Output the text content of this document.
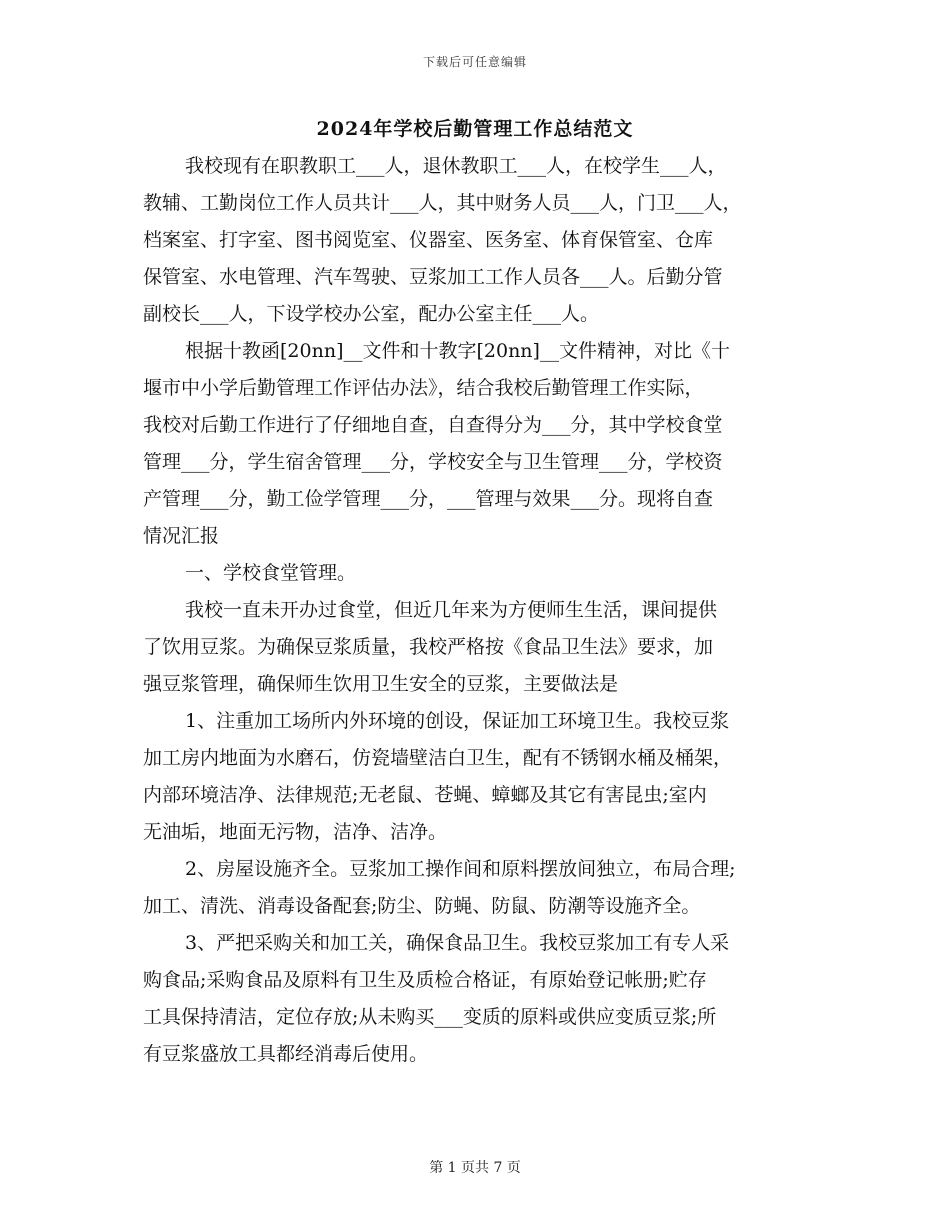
下载后可任意编辑
2024年学校后勤管理工作总结范文
我校现有在职教职工___人，退休教职工___人，在校学生___人，
教辅、工勤岗位工作人员共计___人，其中财务人员___人，门卫___人，
档案室、打字室、图书阅览室、仪器室、医务室、体育保管室、仓库
保管室、水电管理、汽车驾驶、豆浆加工工作人员各___人。后勤分管
副校长___人，下设学校办公室，配办公室主任___人。
根据十教函[20nn]__文件和十教字[20nn]__文件精神，对比《十
堰市中小学后勤管理工作评估办法》，结合我校后勤管理工作实际，
我校对后勤工作进行了仔细地自查，自查得分为___分，其中学校食堂
管理___分，学生宿舍管理___分，学校安全与卫生管理___分，学校资
产管理___分，勤工俭学管理___分，___管理与效果___分。现将自查
情况汇报
一、学校食堂管理。
我校一直未开办过食堂，但近几年来为方便师生生活，课间提供
了饮用豆浆。为确保豆浆质量，我校严格按《食品卫生法》要求，加
强豆浆管理，确保师生饮用卫生安全的豆浆，主要做法是
1、注重加工场所内外环境的创设，保证加工环境卫生。我校豆浆
加工房内地面为水磨石，仿瓷墙壁洁白卫生，配有不锈钢水桶及桶架，
内部环境洁净、法律规范;无老鼠、苍蝇、蟑螂及其它有害昆虫;室内
无油垢，地面无污物，洁净、洁净。
2、房屋设施齐全。豆浆加工操作间和原料摆放间独立，布局合理;
加工、清洗、消毒设备配套;防尘、防蝇、防鼠、防潮等设施齐全。
3、严把采购关和加工关，确保食品卫生。我校豆浆加工有专人采
购食品;采购食品及原料有卫生及质检合格证，有原始登记帐册;贮存
工具保持清洁，定位存放;从未购买___变质的原料或供应变质豆浆;所
有豆浆盛放工具都经消毒后使用。
第 1 页共 7 页
